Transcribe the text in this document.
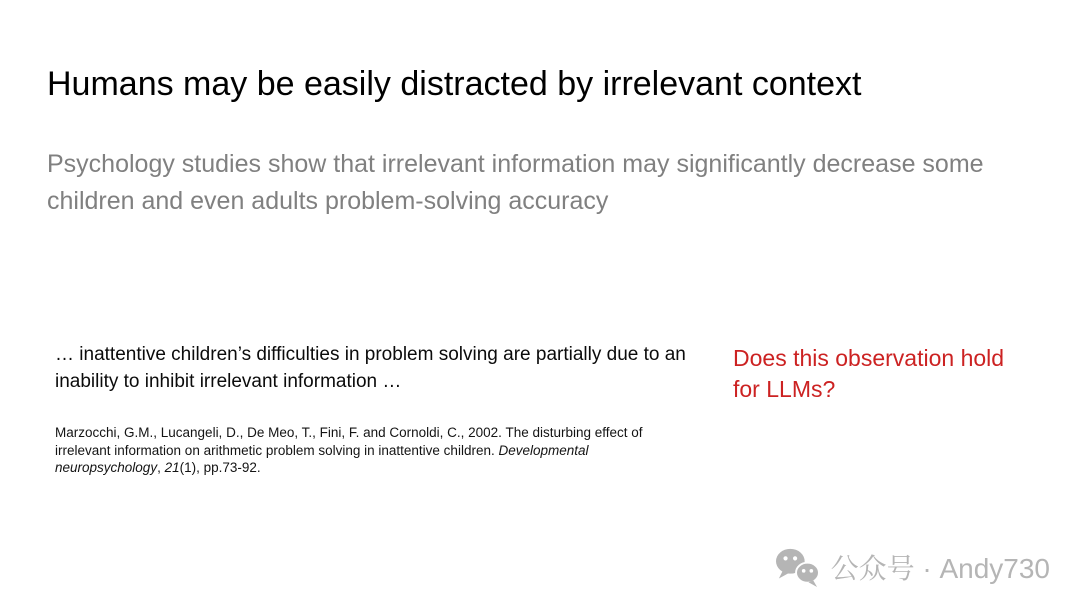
Humans may be easily distracted by irrelevant context

Psychology studies show that irrelevant information may significantly decrease some children and even adults problem-solving accuracy

… inattentive children’s difficulties in problem solving are partially due to an inability to inhibit irrelevant information …

Marzocchi, G.M., Lucangeli, D., De Meo, T., Fini, F. and Cornoldi, C., 2002. The disturbing effect of irrelevant information on arithmetic problem solving in inattentive children. Developmental neuropsychology, 21(1), pp.73-92.

Does this observation hold for LLMs?

公众号 · Andy730
